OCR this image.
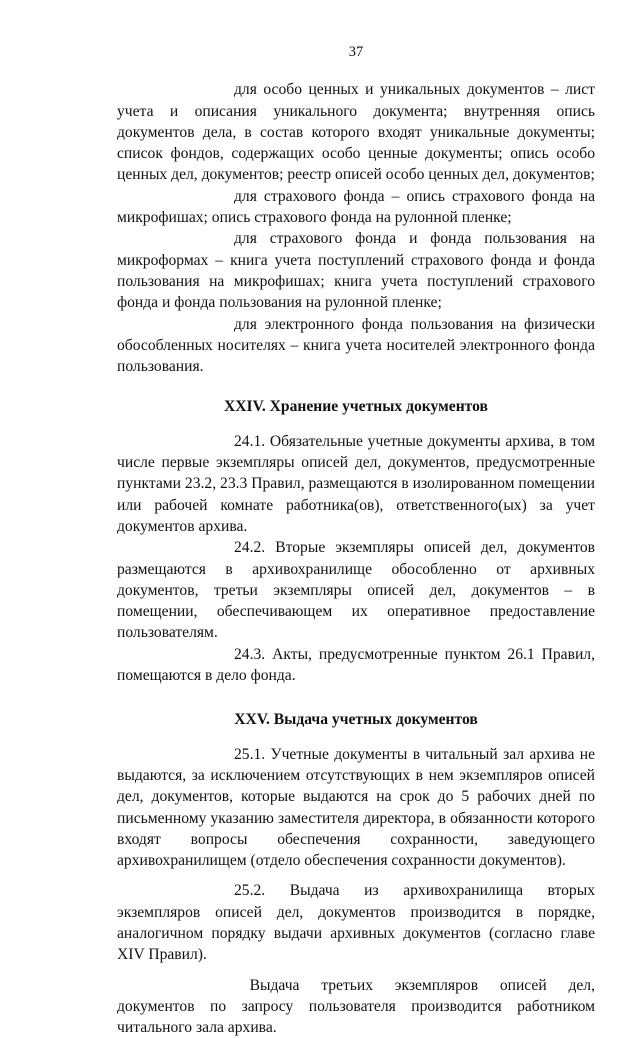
37

для особо ценных и уникальных документов – лист учета и описания уникального документа; внутренняя опись документов дела, в состав которого входят уникальные документы; список фондов, содержащих особо ценные документы; опись особо ценных дел, документов; реестр описей особо ценных дел, документов;

для страхового фонда – опись страхового фонда на микрофишах; опись страхового фонда на рулонной пленке;

для страхового фонда и фонда пользования на микроформах – книга учета поступлений страхового фонда и фонда пользования на микрофишах; книга учета поступлений страхового фонда и фонда пользования на рулонной пленке;

для электронного фонда пользования на физически обособленных носителях – книга учета носителей электронного фонда пользования.

XXIV. Хранение учетных документов

24.1. Обязательные учетные документы архива, в том числе первые экземпляры описей дел, документов, предусмотренные пунктами 23.2, 23.3 Правил, размещаются в изолированном помещении или рабочей комнате работника(ов), ответственного(ых) за учет документов архива.

24.2. Вторые экземпляры описей дел, документов размещаются в архивохранилище обособленно от архивных документов, третьи экземпляры описей дел, документов – в помещении, обеспечивающем их оперативное предоставление пользователям.

24.3. Акты, предусмотренные пунктом 26.1 Правил, помещаются в дело фонда.

XXV. Выдача учетных документов

25.1. Учетные документы в читальный зал архива не выдаются, за исключением отсутствующих в нем экземпляров описей дел, документов, которые выдаются на срок до 5 рабочих дней по письменному указанию заместителя директора, в обязанности которого входят вопросы обеспечения сохранности, заведующего архивохранилищем (отдело обеспечения сохранности документов).

25.2. Выдача из архивохранилища вторых экземпляров описей дел, документов производится в порядке, аналогичном порядку выдачи архивных документов (согласно главе XIV Правил).

Выдача третьих экземпляров описей дел, документов по запросу пользователя производится работником читального зала архива.
